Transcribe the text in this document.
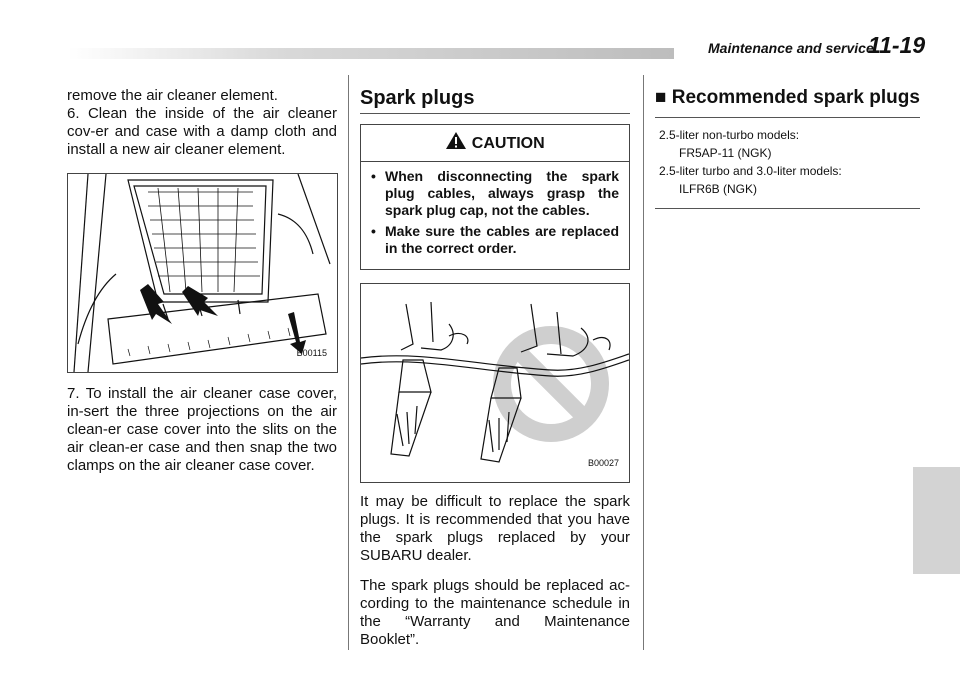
Maintenance and service
11-19

remove the air cleaner element.

6. Clean the inside of the air cleaner cov-er and case with a damp cloth and install a new air cleaner element.

B00115

7. To install the air cleaner case cover, in-sert the three projections on the air clean-er case cover into the slits on the air clean-er case and then snap the two clamps on the air cleaner case cover.

Spark plugs
CAUTION
• When disconnecting the spark plug cables, always grasp the spark plug cap, not the cables.
• Make sure the cables are replaced in the correct order.
B00027

It may be difficult to replace the spark plugs. It is recommended that you have the spark plugs replaced by your SUBARU dealer.

The spark plugs should be replaced ac-cording to the maintenance schedule in the “Warranty and Maintenance Booklet”.

■ Recommended spark plugs
2.5-liter non-turbo models:
FR5AP-11 (NGK)
2.5-liter turbo and 3.0-liter models:
ILFR6B (NGK)
